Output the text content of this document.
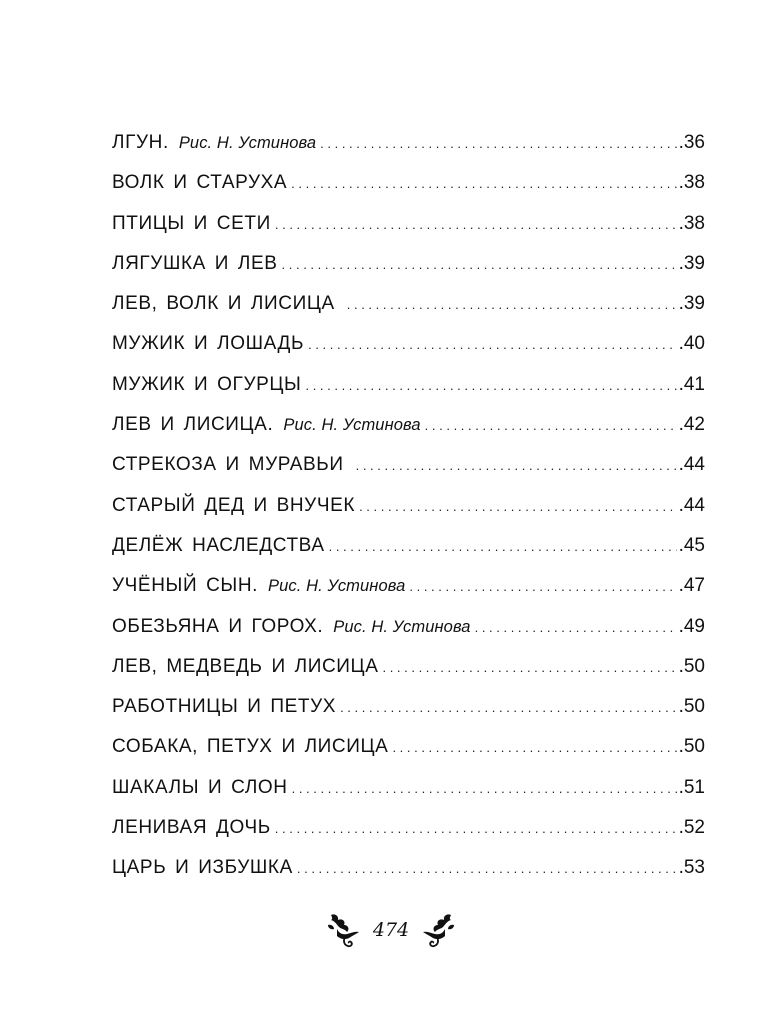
ЛГУН. Рис. Н. Устинова . . .	.36
ВОЛК И СТАРУХА . . .	.38
ПТИЦЫ И СЕТИ . . .	.38
ЛЯГУШКА И ЛЕВ . . .	.39
ЛЕВ, ВОЛК И ЛИСИЦА . . .	.39
МУЖИК И ЛОШАДЬ . . .	.40
МУЖИК И ОГУРЦЫ . . .	.41
ЛЕВ И ЛИСИЦА. Рис. Н. Устинова . . .	.42
СТРЕКОЗА И МУРАВЬИ . . .	.44
СТАРЫЙ ДЕД И ВНУЧЕК . . .	.44
ДЕЛЁЖ НАСЛЕДСТВА . . .	.45
УЧЁНЫЙ СЫН. Рис. Н. Устинова . . .	.47
ОБЕЗЬЯНА И ГОРОХ. Рис. Н. Устинова . . .	.49
ЛЕВ, МЕДВЕДЬ И ЛИСИЦА . . .	.50
РАБОТНИЦЫ И ПЕТУХ . . .	.50
СОБАКА, ПЕТУХ И ЛИСИЦА . . .	.50
ШАКАЛЫ И СЛОН . . .	.51
ЛЕНИВАЯ ДОЧЬ . . .	.52
ЦАРЬ И ИЗБУШКА . . .	.53
474
